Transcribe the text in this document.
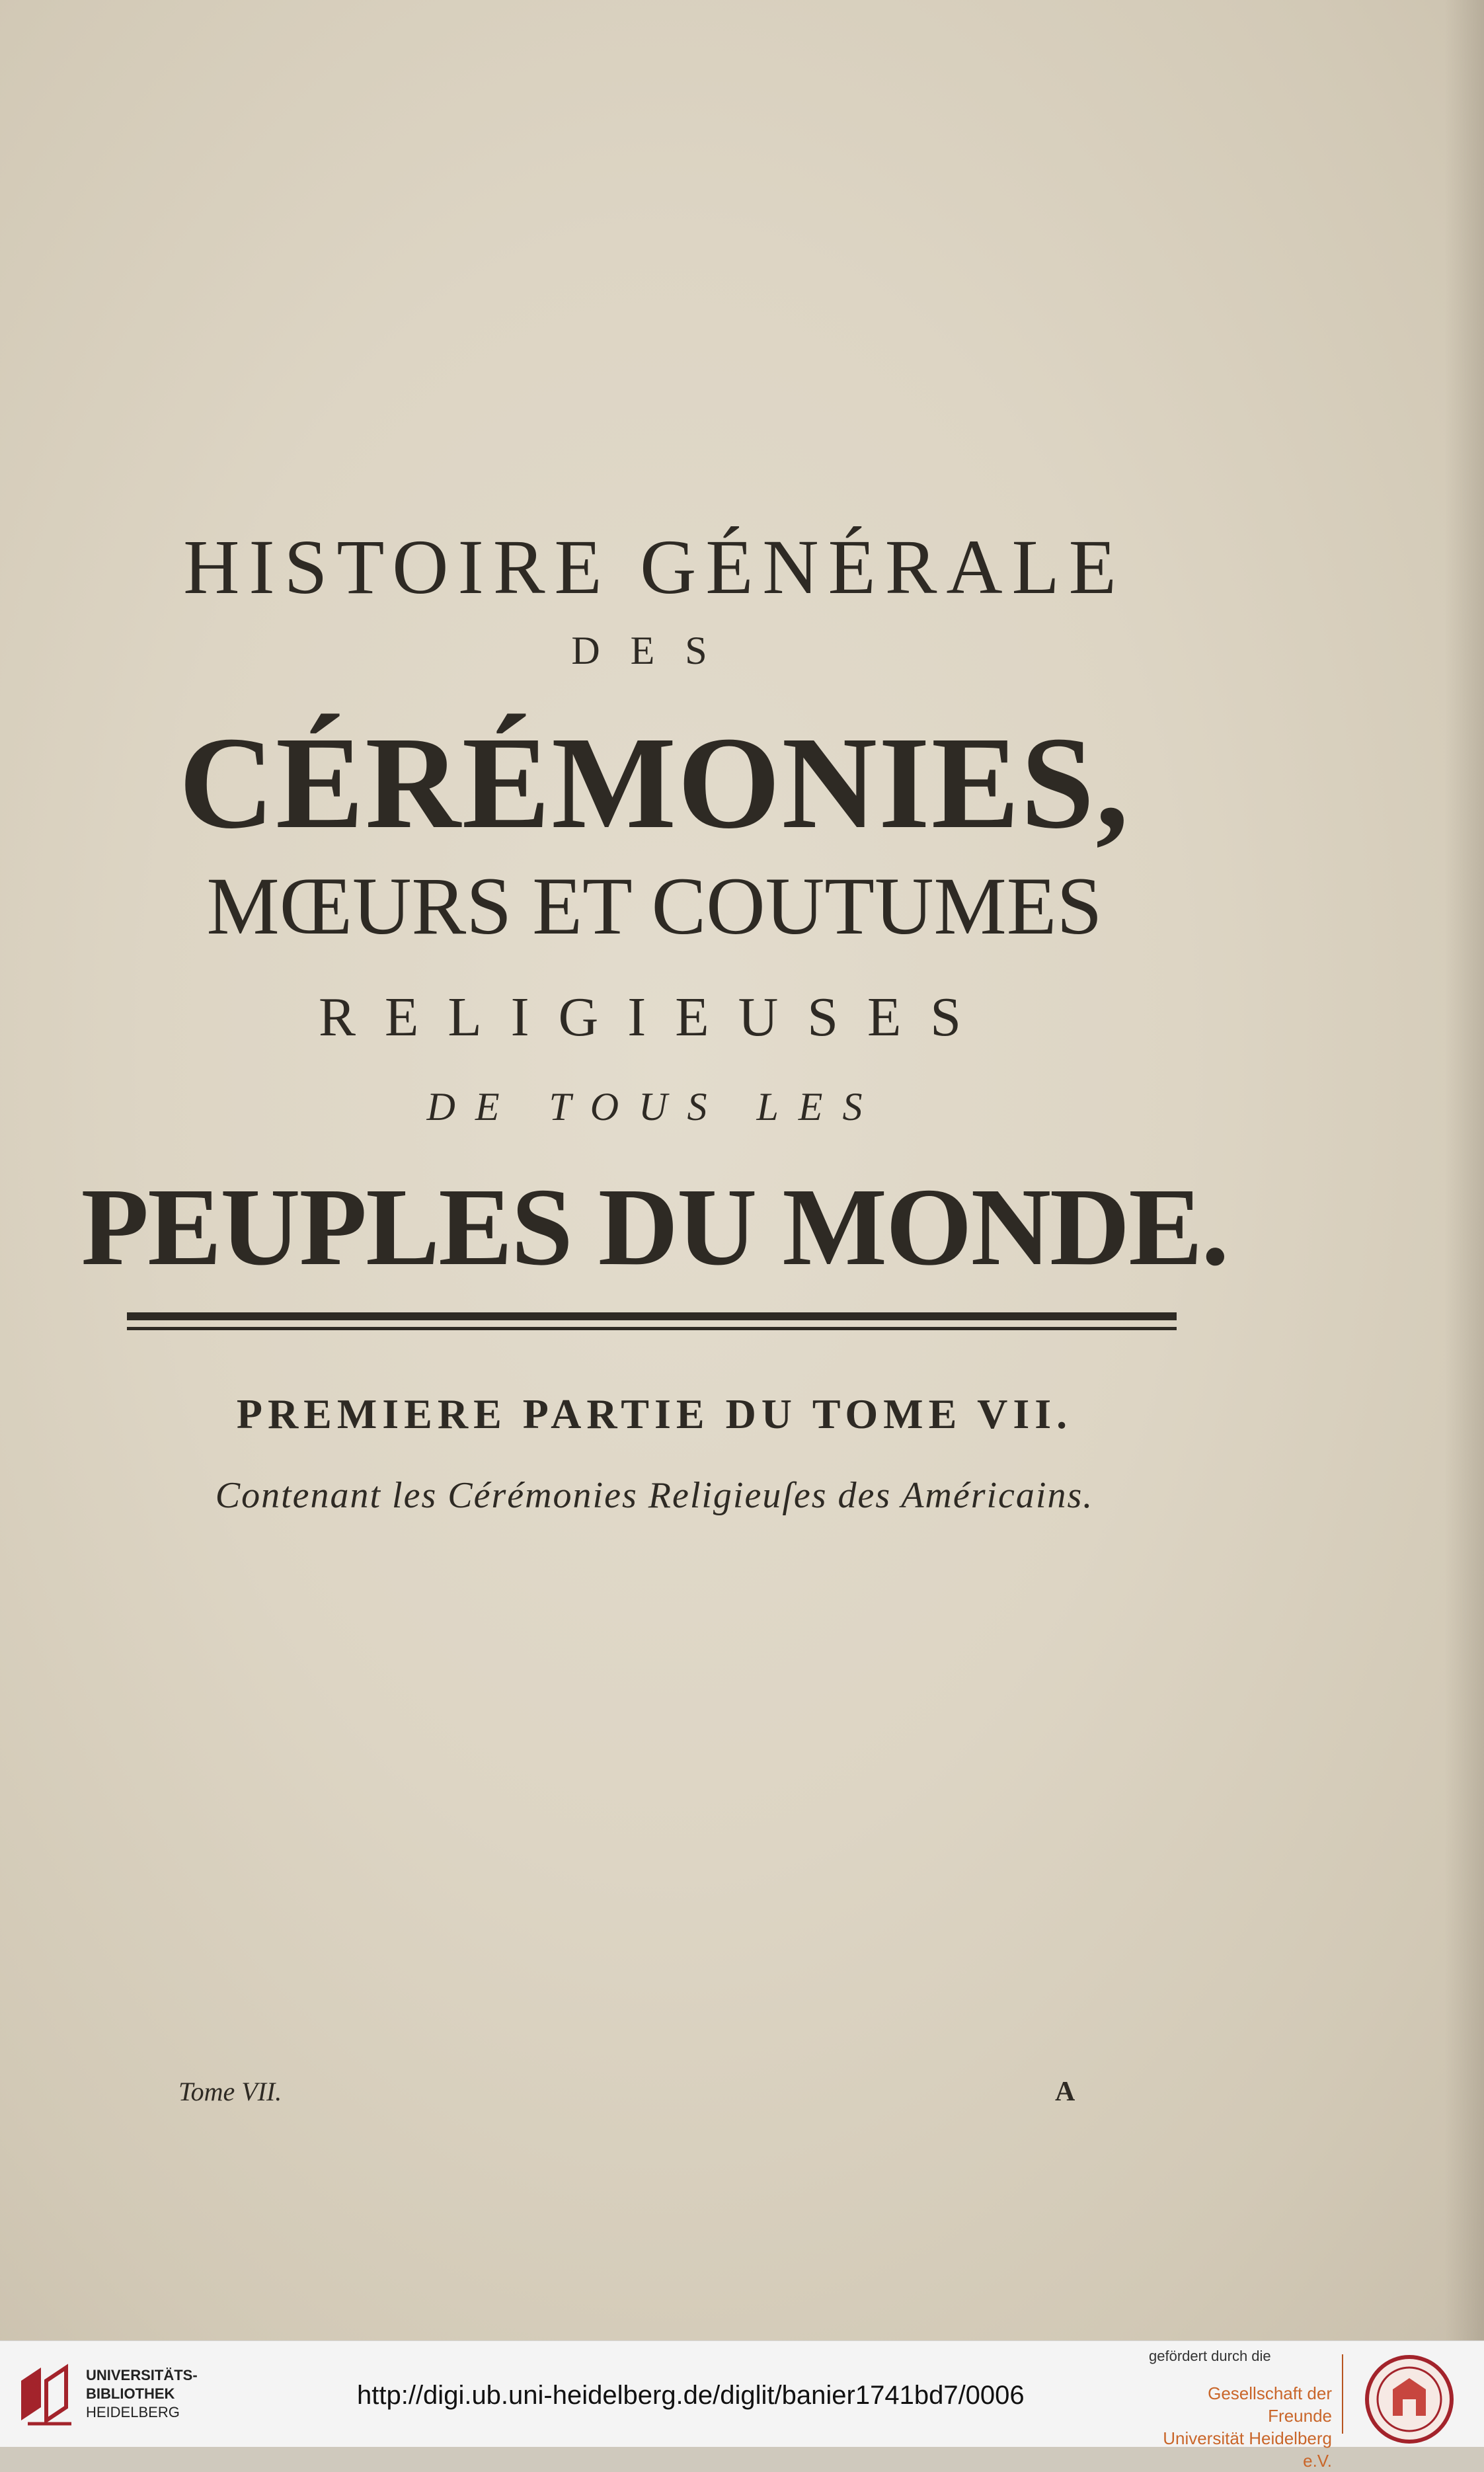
HISTOIRE GÉNÉRALE
DES
CÉRÉMONIES,
MŒURS ET COUTUMES
RELIGIEUSES
DE TOUS LES
PEUPLES DU MONDE.
PREMIERE PARTIE DU TOME VII.
Contenant les Cérémonies Religieuſes des Américains.
Tome VII.	A
UNIVERSITÄTS-
BIBLIOTHEK
HEIDELBERG
http://digi.ub.uni-heidelberg.de/diglit/banier1741bd7/0006
gefördert durch die
Gesellschaft der Freunde
Universität Heidelberg e.V.
